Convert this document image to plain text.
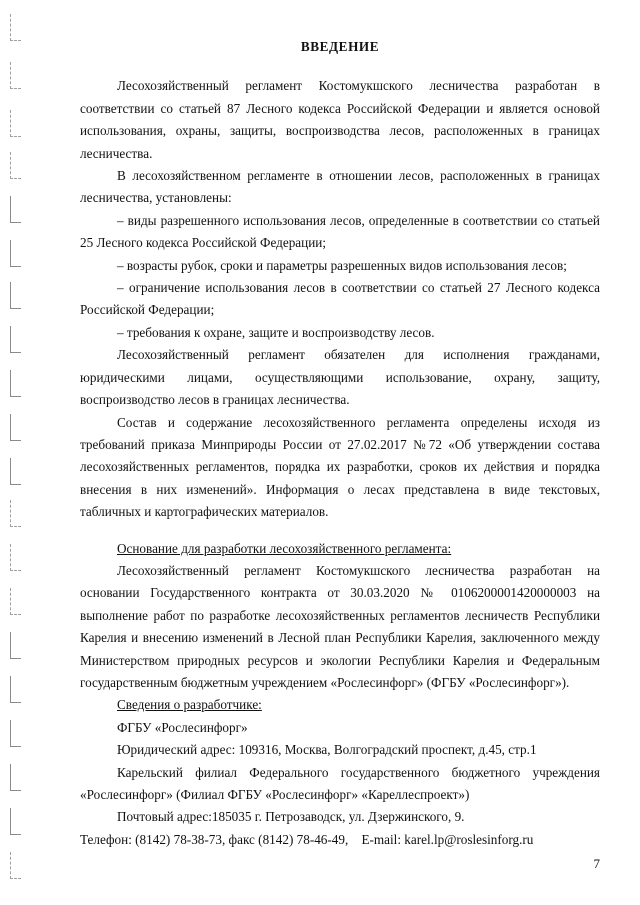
ВВЕДЕНИЕ

Лесохозяйственный регламент Костомукшского лесничества разработан в соответствии со статьей 87 Лесного кодекса Российской Федерации и является основой использования, охраны, защиты, воспроизводства лесов, расположенных в границах лесничества.

В лесохозяйственном регламенте в отношении лесов, расположенных в границах лесничества, установлены:

– виды разрешенного использования лесов, определенные в соответствии со статьей 25 Лесного кодекса Российской Федерации;

– возрасты рубок, сроки и параметры разрешенных видов использования лесов;

– ограничение использования лесов в соответствии со статьей 27 Лесного кодекса Российской Федерации;

– требования к охране, защите и воспроизводству лесов.

Лесохозяйственный регламент обязателен для исполнения гражданами, юридическими лицами, осуществляющими использование, охрану, защиту, воспроизводство лесов в границах лесничества.

Состав и содержание лесохозяйственного регламента определены исходя из требований приказа Минприроды России от 27.02.2017 №72 «Об утверждении состава лесохозяйственных регламентов, порядка их разработки, сроков их действия и порядка внесения в них изменений». Информация о лесах представлена в виде текстовых, табличных и картографических материалов.

Основание для разработки лесохозяйственного регламента:

Лесохозяйственный регламент Костомукшского лесничества разработан на основании Государственного контракта от 30.03.2020 № 0106200001420000003 на выполнение работ по разработке лесохозяйственных регламентов лесничеств Республики Карелия и внесению изменений в Лесной план Республики Карелия, заключенного между Министерством природных ресурсов и экологии Республики Карелия и Федеральным государственным бюджетным учреждением «Рослесинфорг» (ФГБУ «Рослесинфорг»).

Сведения о разработчике:

ФГБУ «Рослесинфорг»

Юридический адрес: 109316, Москва, Волгоградский проспект, д.45, стр.1

Карельский филиал Федерального государственного бюджетного учреждения «Рослесинфорг» (Филиал ФГБУ «Рослесинфорг» «Кареллеспроект»)

Почтовый адрес:185035 г. Петрозаводск, ул. Дзержинского, 9.

Телефон: (8142) 78-38-73, факс (8142) 78-46-49,    E-mail: karel.lp@roslesinforg.ru

7
